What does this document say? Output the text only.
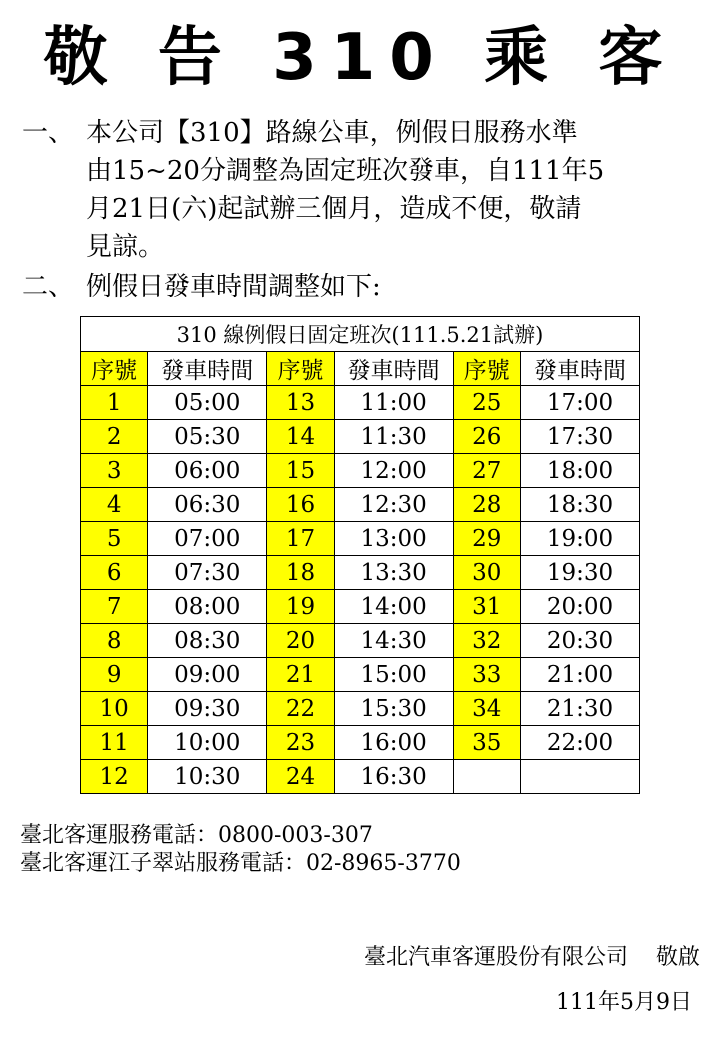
敬 告 310 乘 客
一、 本公司【310】路線公車，例假日服務水準
由15~20分調整為固定班次發車，自111年5
月21日(六)起試辦三個月，造成不便，敬請
見諒。
二、 例假日發車時間調整如下:
310 線例假日固定班次(111.5.21試辦)					
序號	發車時間	序號	發車時間	序號	發車時間
1	05:00	13	11:00	25	17:00
2	05:30	14	11:30	26	17:30
3	06:00	15	12:00	27	18:00
4	06:30	16	12:30	28	18:30
5	07:00	17	13:00	29	19:00
6	07:30	18	13:30	30	19:30
7	08:00	19	14:00	31	20:00
8	08:30	20	14:30	32	20:30
9	09:00	21	15:00	33	21:00
10	09:30	22	15:30	34	21:30
11	10:00	23	16:00	35	22:00
12	10:30	24	16:30		
臺北客運服務電話：0800-003-307
臺北客運江子翠站服務電話：02-8965-3770
臺北汽車客運股份有限公司 敬啟
111年5月9日
